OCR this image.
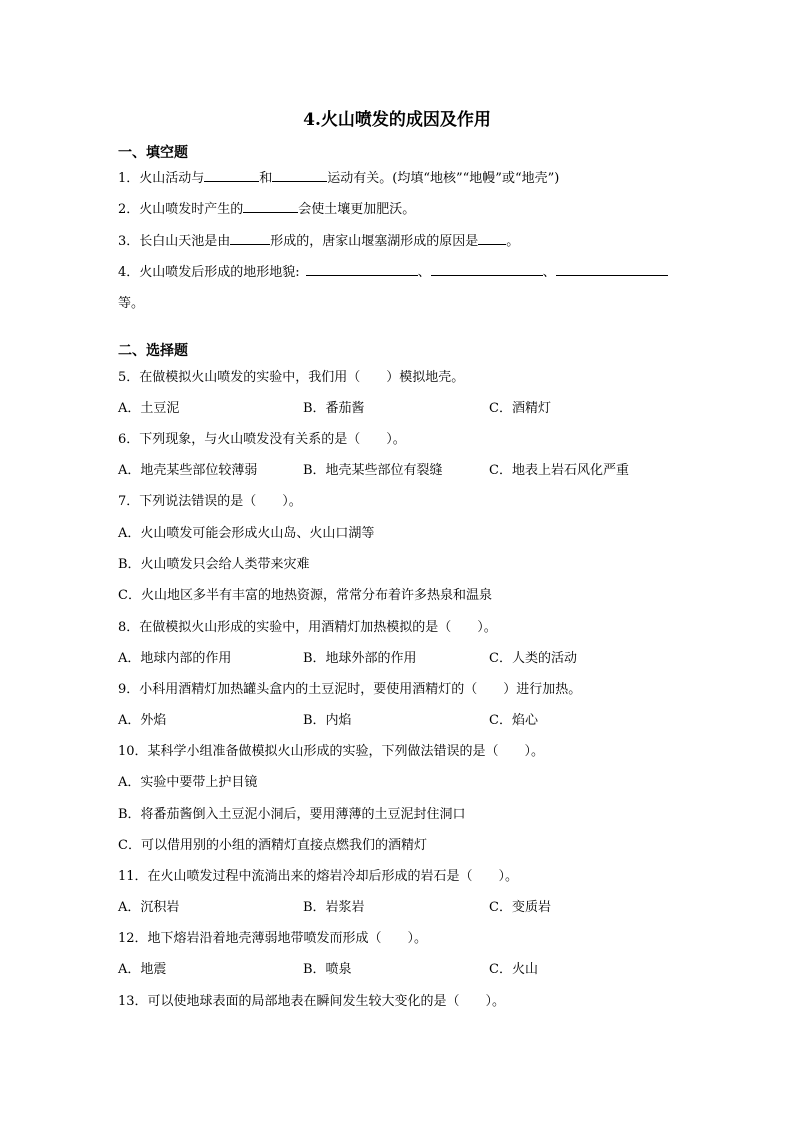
4.火山喷发的成因及作用
一、填空题
1．火山活动与	和	运动有关。(均填“地核”“地幔”或“地壳”)
2．火山喷发时产生的	会使土壤更加肥沃。
3．长白山天池是由	形成的，唐家山堰塞湖形成的原因是 。
4．火山喷发后形成的地形地貌:	、	、
等。
二、选择题
5．在做模拟火山喷发的实验中，我们用（　　）模拟地壳。
A．土豆泥	B．番茄酱	C．酒精灯
6．下列现象，与火山喷发没有关系的是（　　）。
A．地壳某些部位较薄弱	B．地壳某些部位有裂缝	C．地表上岩石风化严重
7．下列说法错误的是（　　）。
A．火山喷发可能会形成火山岛、火山口湖等
B．火山喷发只会给人类带来灾难
C．火山地区多半有丰富的地热资源，常常分布着许多热泉和温泉
8．在做模拟火山形成的实验中，用酒精灯加热模拟的是（　　）。
A．地球内部的作用	B．地球外部的作用	C．人类的活动
9．小科用酒精灯加热罐头盒内的土豆泥时，要使用酒精灯的（　　）进行加热。
A．外焰	B．内焰	C．焰心
10．某科学小组准备做模拟火山形成的实验，下列做法错误的是（　　）。
A．实验中要带上护目镜
B．将番茄酱倒入土豆泥小洞后，要用薄薄的土豆泥封住洞口
C．可以借用别的小组的酒精灯直接点燃我们的酒精灯
11．在火山喷发过程中流淌出来的熔岩冷却后形成的岩石是（　　）。
A．沉积岩	B．岩浆岩	C．变质岩
12．地下熔岩沿着地壳薄弱地带喷发而形成（　　）。
A．地震	B．喷泉	C．火山
13．可以使地球表面的局部地表在瞬间发生较大变化的是（　　）。
